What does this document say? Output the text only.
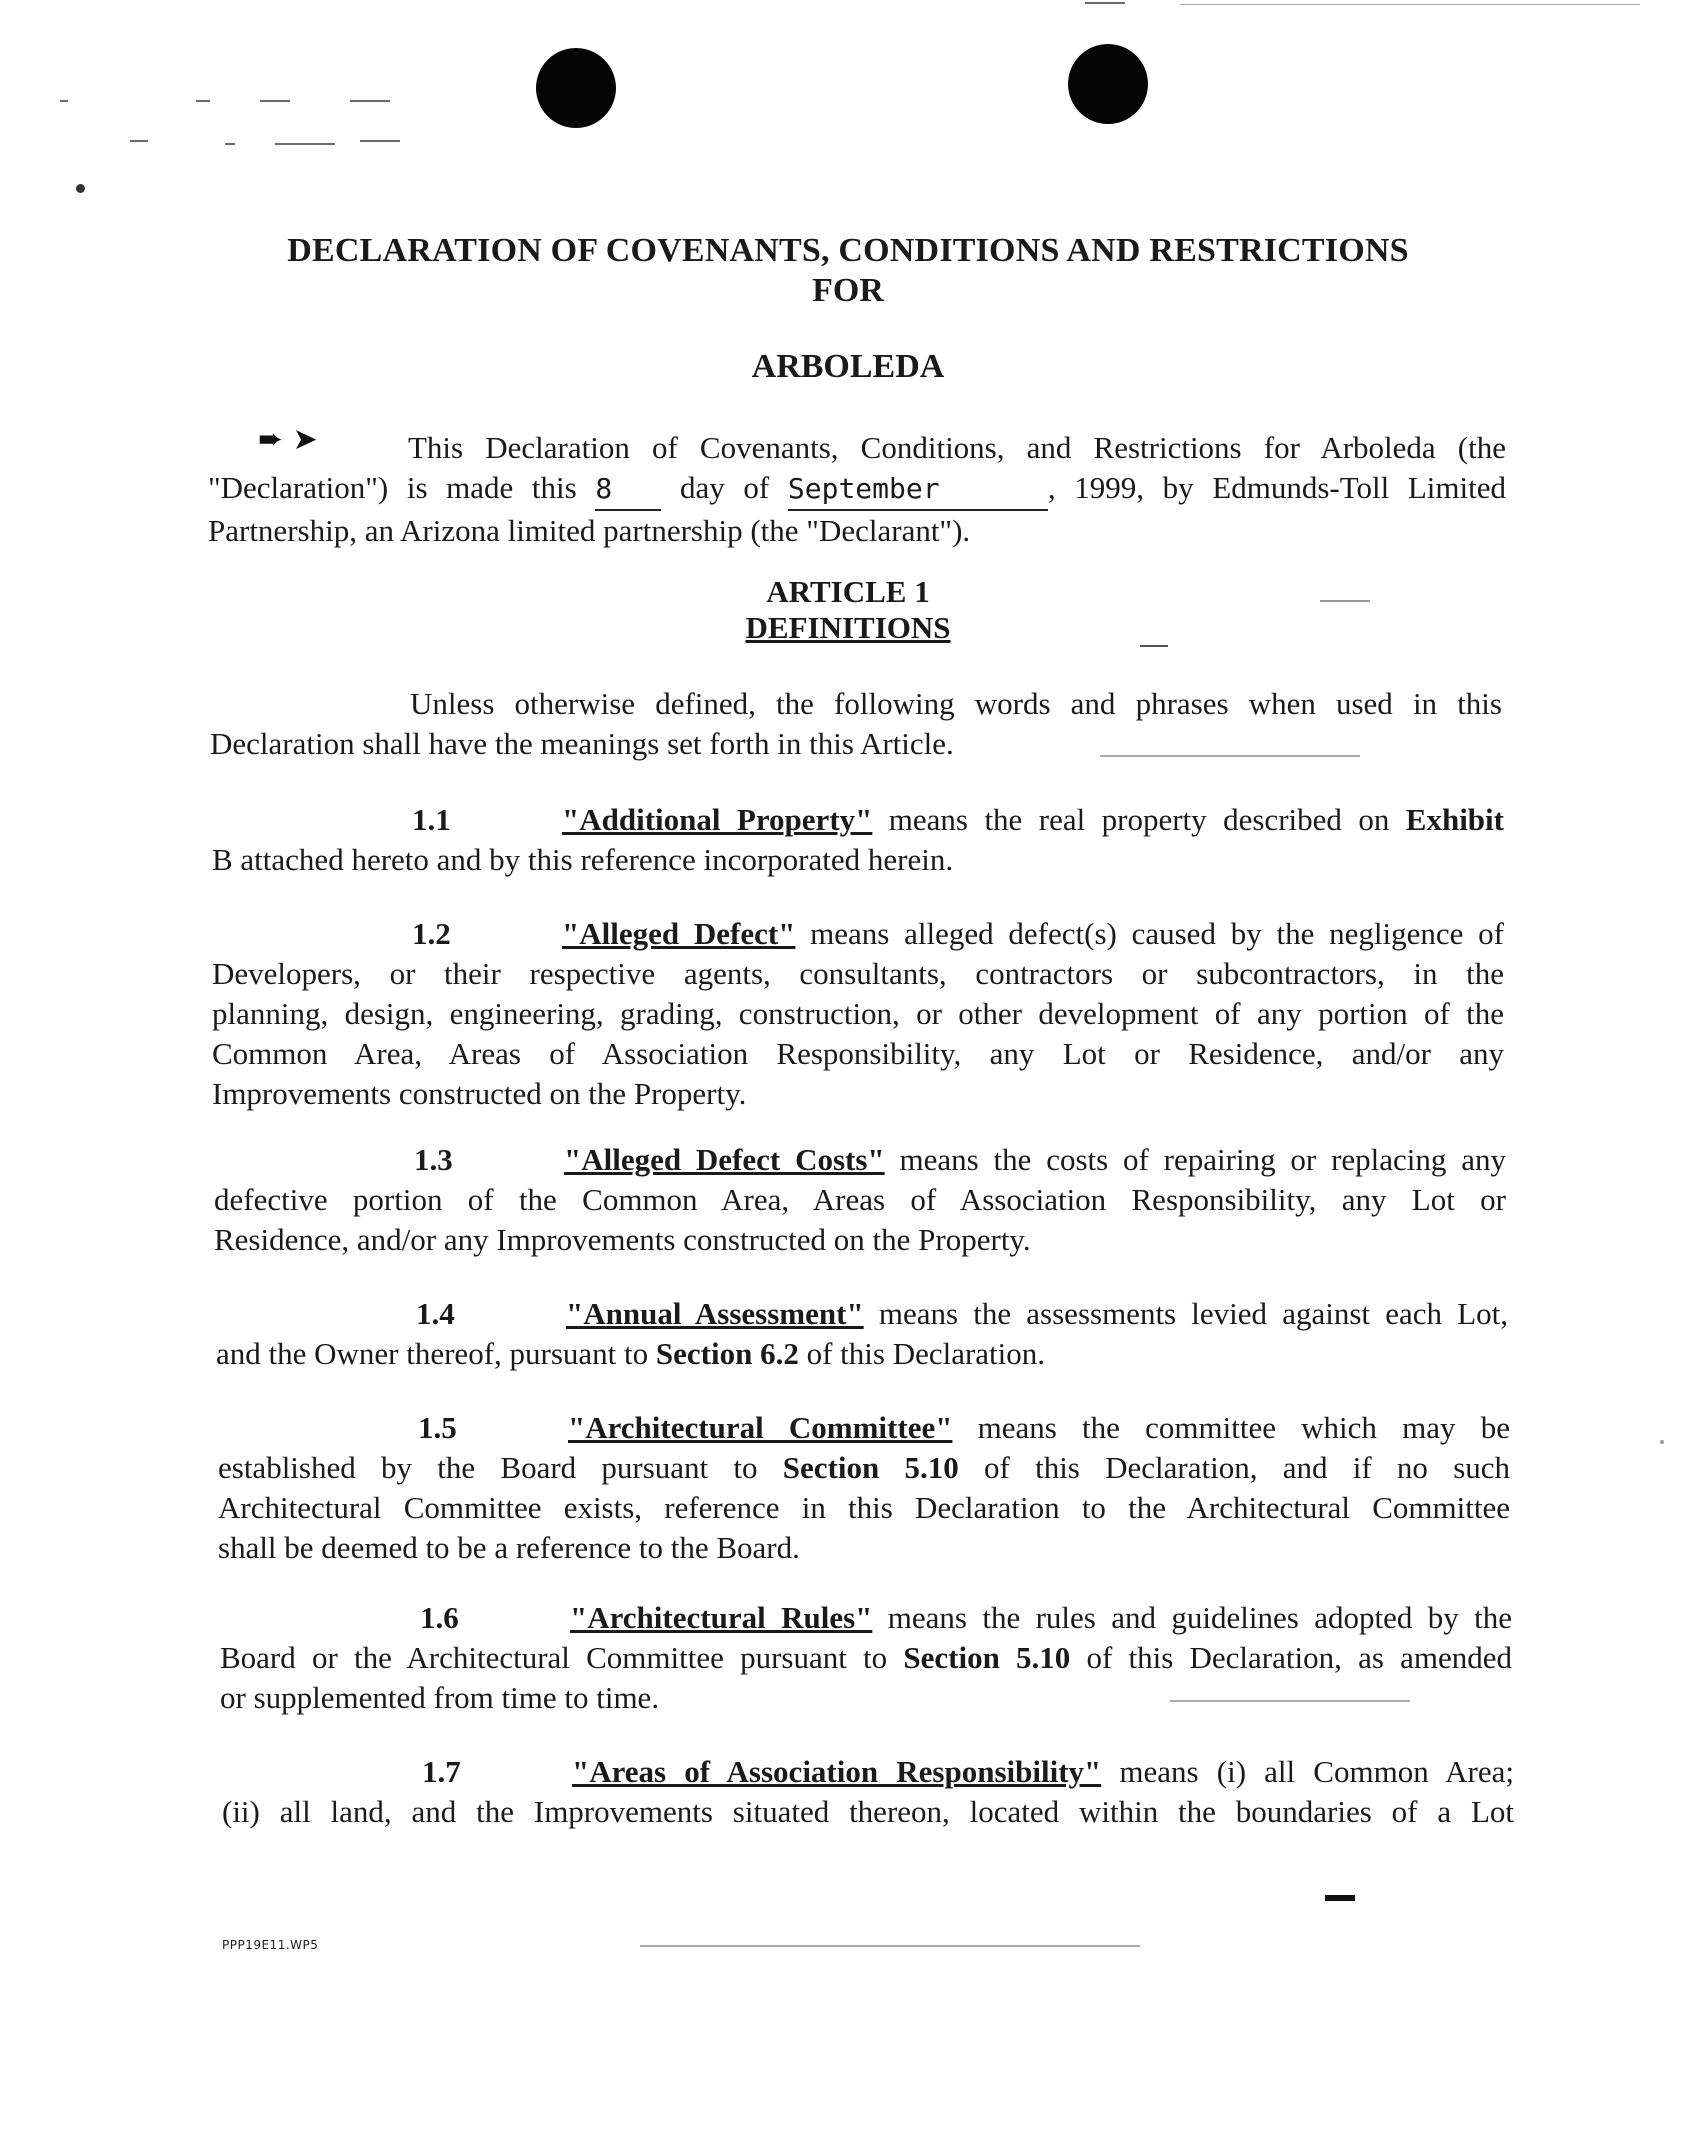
DECLARATION OF COVENANTS, CONDITIONS AND RESTRICTIONS
FOR
ARBOLEDA
➨ ➤	This Declaration of Covenants, Conditions, and Restrictions for Arboleda (the
"Declaration") is made this 8 day of September	, 1999, by Edmunds-Toll Limited
Partnership, an Arizona limited partnership (the "Declarant").
ARTICLE 1
DEFINITIONS
Unless otherwise defined, the following words and phrases when used in this
Declaration shall have the meanings set forth in this Article.
1.1	"Additional Property" means the real property described on Exhibit
B attached hereto and by this reference incorporated herein.
1.2	"Alleged Defect" means alleged defect(s) caused by the negligence of
Developers, or their respective agents, consultants, contractors or subcontractors, in the
planning, design, engineering, grading, construction, or other development of any portion of the
Common Area, Areas of Association Responsibility, any Lot or Residence, and/or any
Improvements constructed on the Property.
1.3	"Alleged Defect Costs" means the costs of repairing or replacing any
defective portion of the Common Area, Areas of Association Responsibility, any Lot or
Residence, and/or any Improvements constructed on the Property.
1.4	"Annual Assessment" means the assessments levied against each Lot,
and the Owner thereof, pursuant to Section 6.2 of this Declaration.
1.5	"Architectural Committee" means the committee which may be
established by the Board pursuant to Section 5.10 of this Declaration, and if no such
Architectural Committee exists, reference in this Declaration to the Architectural Committee
shall be deemed to be a reference to the Board.
1.6	"Architectural Rules" means the rules and guidelines adopted by the
Board or the Architectural Committee pursuant to Section 5.10 of this Declaration, as amended
or supplemented from time to time.
1.7	"Areas of Association Responsibility" means (i) all Common Area;
(ii) all land, and the Improvements situated thereon, located within the boundaries of a Lot
PPP19E11.WP5
